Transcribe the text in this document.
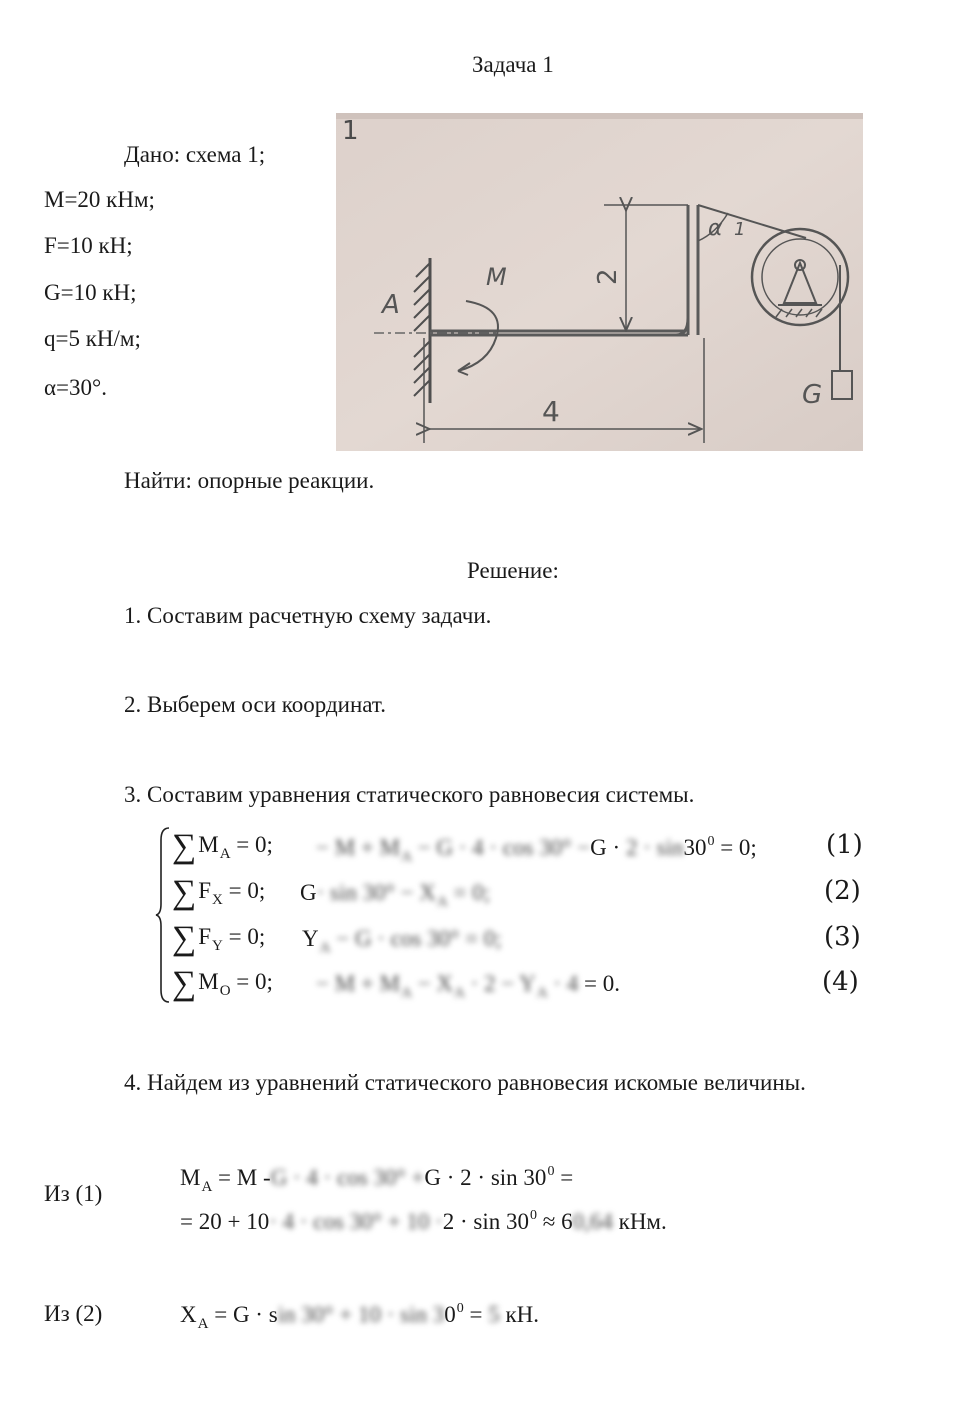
Задача 1
Дано: схема 1;
M=20 кНм;
F=10 кН;
G=10 кН;
q=5 кН/м;
α=30°.
1
A
M	2
4
α 1
G
Найти: опорные реакции.
Решение:
1. Составим расчетную схему задачи.
2. Выберем оси координат.
3. Составим уравнения статического равновесия системы.
$\sum M_A = 0$; − $M + M_A - G \cdot 4 \cdot \cos 30^\circ -G \cdot 2 \cdot \sin 30^0 = 0$;	(1)
$\sum F_X = 0$; $G\cdot \sin 30^\circ - X_A = 0$;	(2)
$\sum F_Y = 0$; $Y_A - G \cdot \cos 30^\circ = 0$;	(3)
$\sum M_O = 0$; − $M + M_A - X_A \cdot 2 - Y_A \cdot 4 = 0$.	(4)
4. Найдем из уравнений статического равновесия искомые величины.
Из (1)
$M_A = M$ $-G \cdot 4 \cdot \cos 30^\circ +G \cdot 2 \cdot \sin 30^0$ =
= $20 + 10\cdot 4 \cdot \cos 30^\circ + 10 \cdot 2 \cdot \sin 30^0 \approx 60,64$ кНм.
Из (2)	$X_A = G \cdot \sin 30^\circ + 10 \cdot \sin 30^0 = 5$ кН.
